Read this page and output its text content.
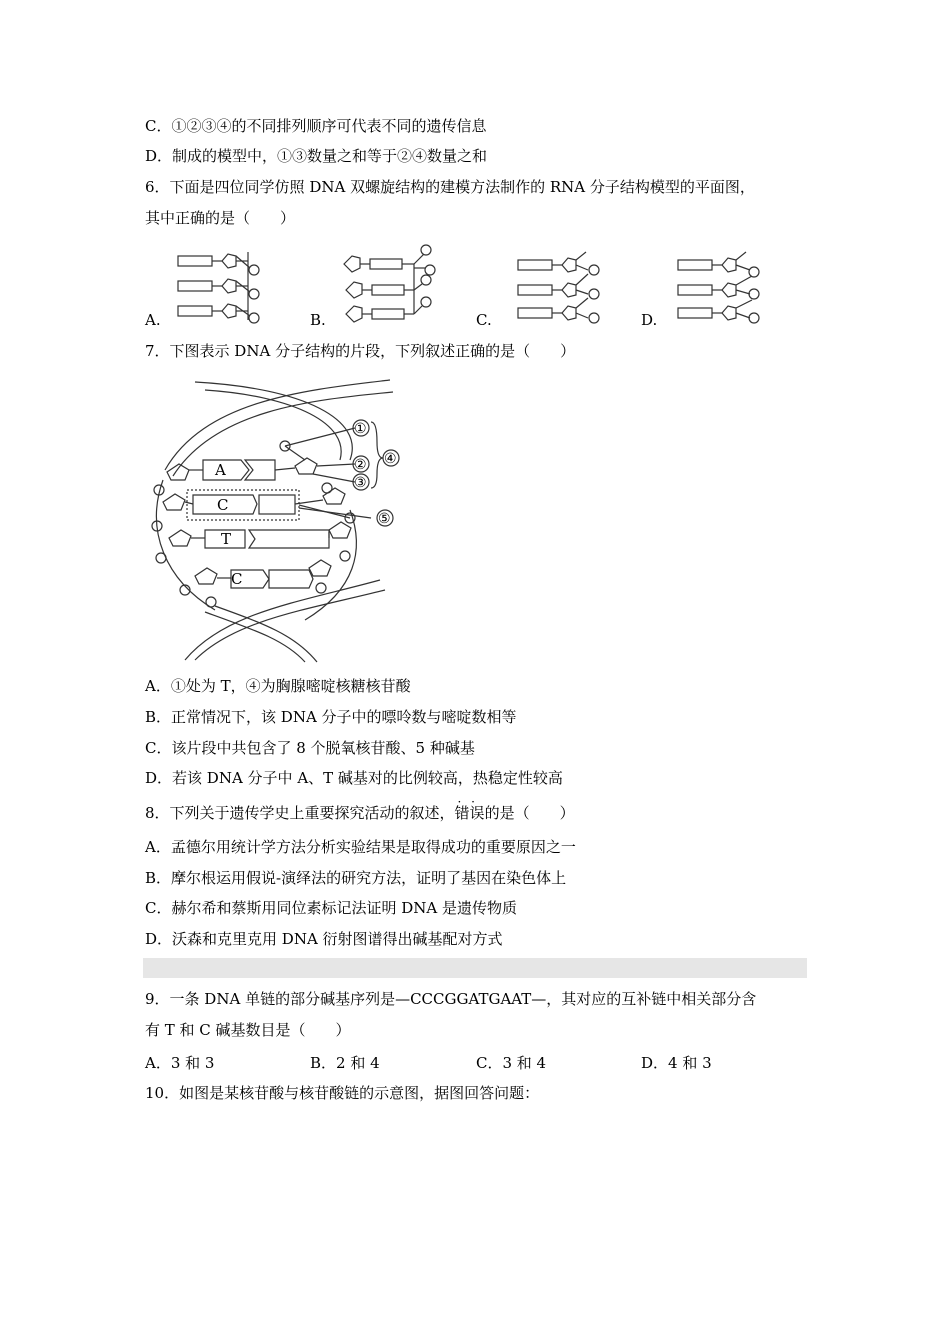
C．①②③④的不同排列顺序可代表不同的遗传信息
D．制成的模型中，①③数量之和等于②④数量之和
6．下面是四位同学仿照 DNA 双螺旋结构的建模方法制作的 RNA 分子结构模型的平面图，
其中正确的是（　　）
A.	B.	C.	D.
7．下图表示 DNA 分子结构的片段，下列叙述正确的是（　　）
A
C
T
C
①
②
③
④
⑤
A．①处为 T，④为胸腺嘧啶核糖核苷酸
B．正常情况下，该 DNA 分子中的嘌呤数与嘧啶数相等
C．该片段中共包含了 8 个脱氧核苷酸、5 种碱基
D．若该 DNA 分子中 A、T 碱基对的比例较高，热稳定性较高
8．下列关于遗传学史上重要探究活动的叙述，错误 · ·的是（　　）
A．孟德尔用统计学方法分析实验结果是取得成功的重要原因之一
B．摩尔根运用假说-演绎法的研究方法，证明了基因在染色体上
C．赫尔希和蔡斯用同位素标记法证明 DNA 是遗传物质
D．沃森和克里克用 DNA 衍射图谱得出碱基配对方式
9．一条 DNA 单链的部分碱基序列是—CCCGGATGAAT—，其对应的互补链中相关部分含
有 T 和 C 碱基数目是（　　）
A．3 和 3	B．2 和 4	C．3 和 4	D．4 和 3
10．如图是某核苷酸与核苷酸链的示意图，据图回答问题：
